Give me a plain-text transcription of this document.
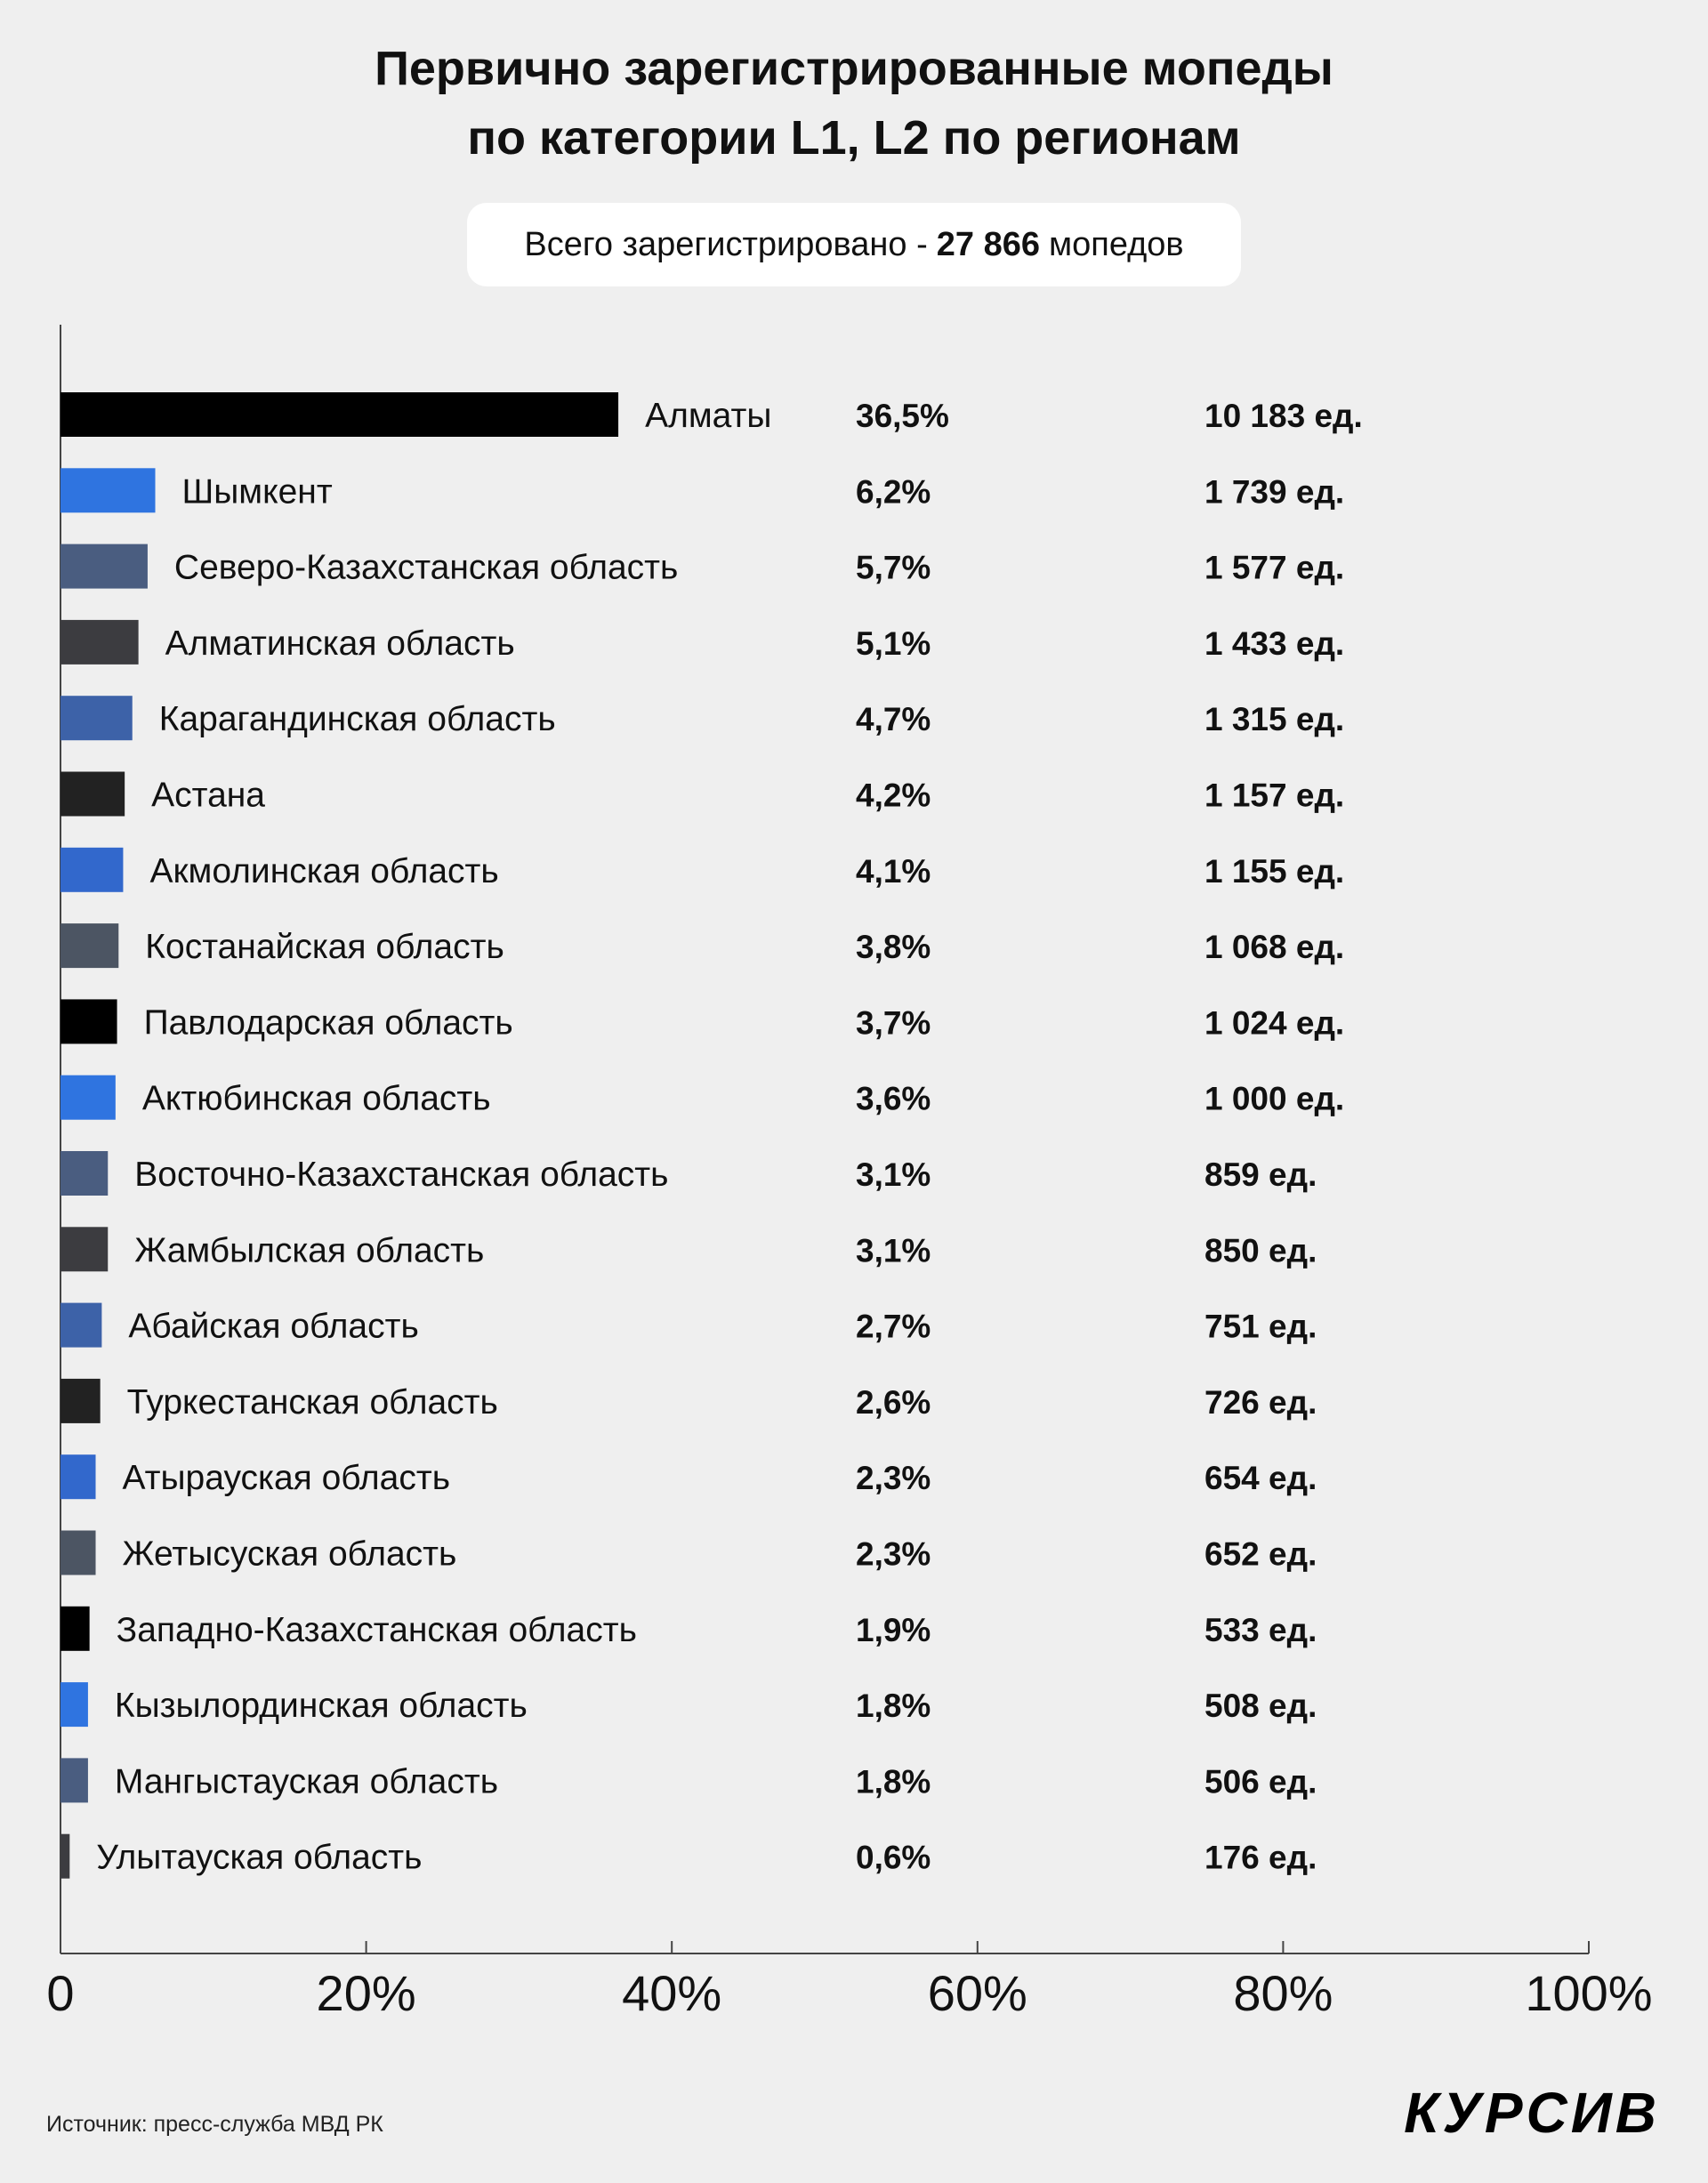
Первично зарегистрированные мопеды
по категории L1, L2 по регионам
Всего зарегистрировано - 27 866 мопедов
0	20%	40%	60%	80%	100%
Алматы	36,5%	10 183 ед.
Шымкент	6,2%	1 739 ед.
Северо-Казахстанская область	5,7%	1 577 ед.
Алматинская область	5,1%	1 433 ед.
Карагандинская область	4,7%	1 315 ед.
Астана	4,2%	1 157 ед.
Акмолинская область	4,1%	1 155 ед.
Костанайская область	3,8%	1 068 ед.
Павлодарская область	3,7%	1 024 ед.
Актюбинская область	3,6%	1 000 ед.
Восточно-Казахстанская область	3,1%	859 ед.
Жамбылская область	3,1%	850 ед.
Абайская область	2,7%	751 ед.
Туркестанская область	2,6%	726 ед.
Атырауская область	2,3%	654 ед.
Жетысуская область	2,3%	652 ед.
Западно-Казахстанская область	1,9%	533 ед.
Кызылординская область	1,8%	508 ед.
Мангыстауская область	1,8%	506 ед.
Улытауская область	0,6%	176 ед.
Источник: пресс-служба МВД РК	КУРСИВ
